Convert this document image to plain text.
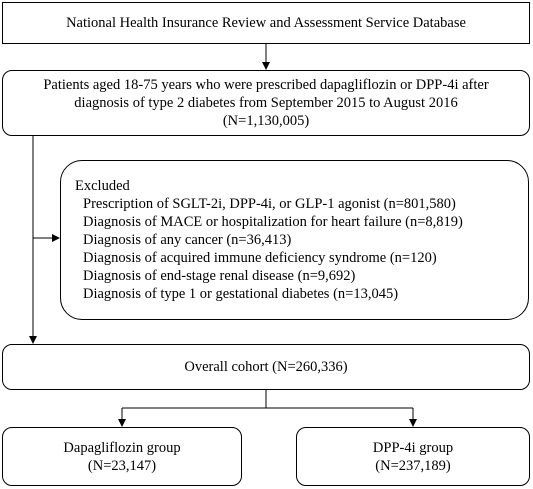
National Health Insurance Review and Assessment Service Database
Patients aged 18-75 years who were prescribed dapagliflozin or DPP-4i after
diagnosis of type 2 diabetes from September 2015 to August 2016
(N=1,130,005)
Excluded
Prescription of SGLT-2i, DPP-4i, or GLP-1 agonist (n=801,580)
Diagnosis of MACE or hospitalization for heart failure (n=8,819)
Diagnosis of any cancer (n=36,413)
Diagnosis of acquired immune deficiency syndrome (n=120)
Diagnosis of end-stage renal disease (n=9,692)
Diagnosis of type 1 or gestational diabetes (n=13,045)
Overall cohort (N=260,336)
Dapagliflozin group
(N=23,147)
DPP-4i group
(N=237,189)
